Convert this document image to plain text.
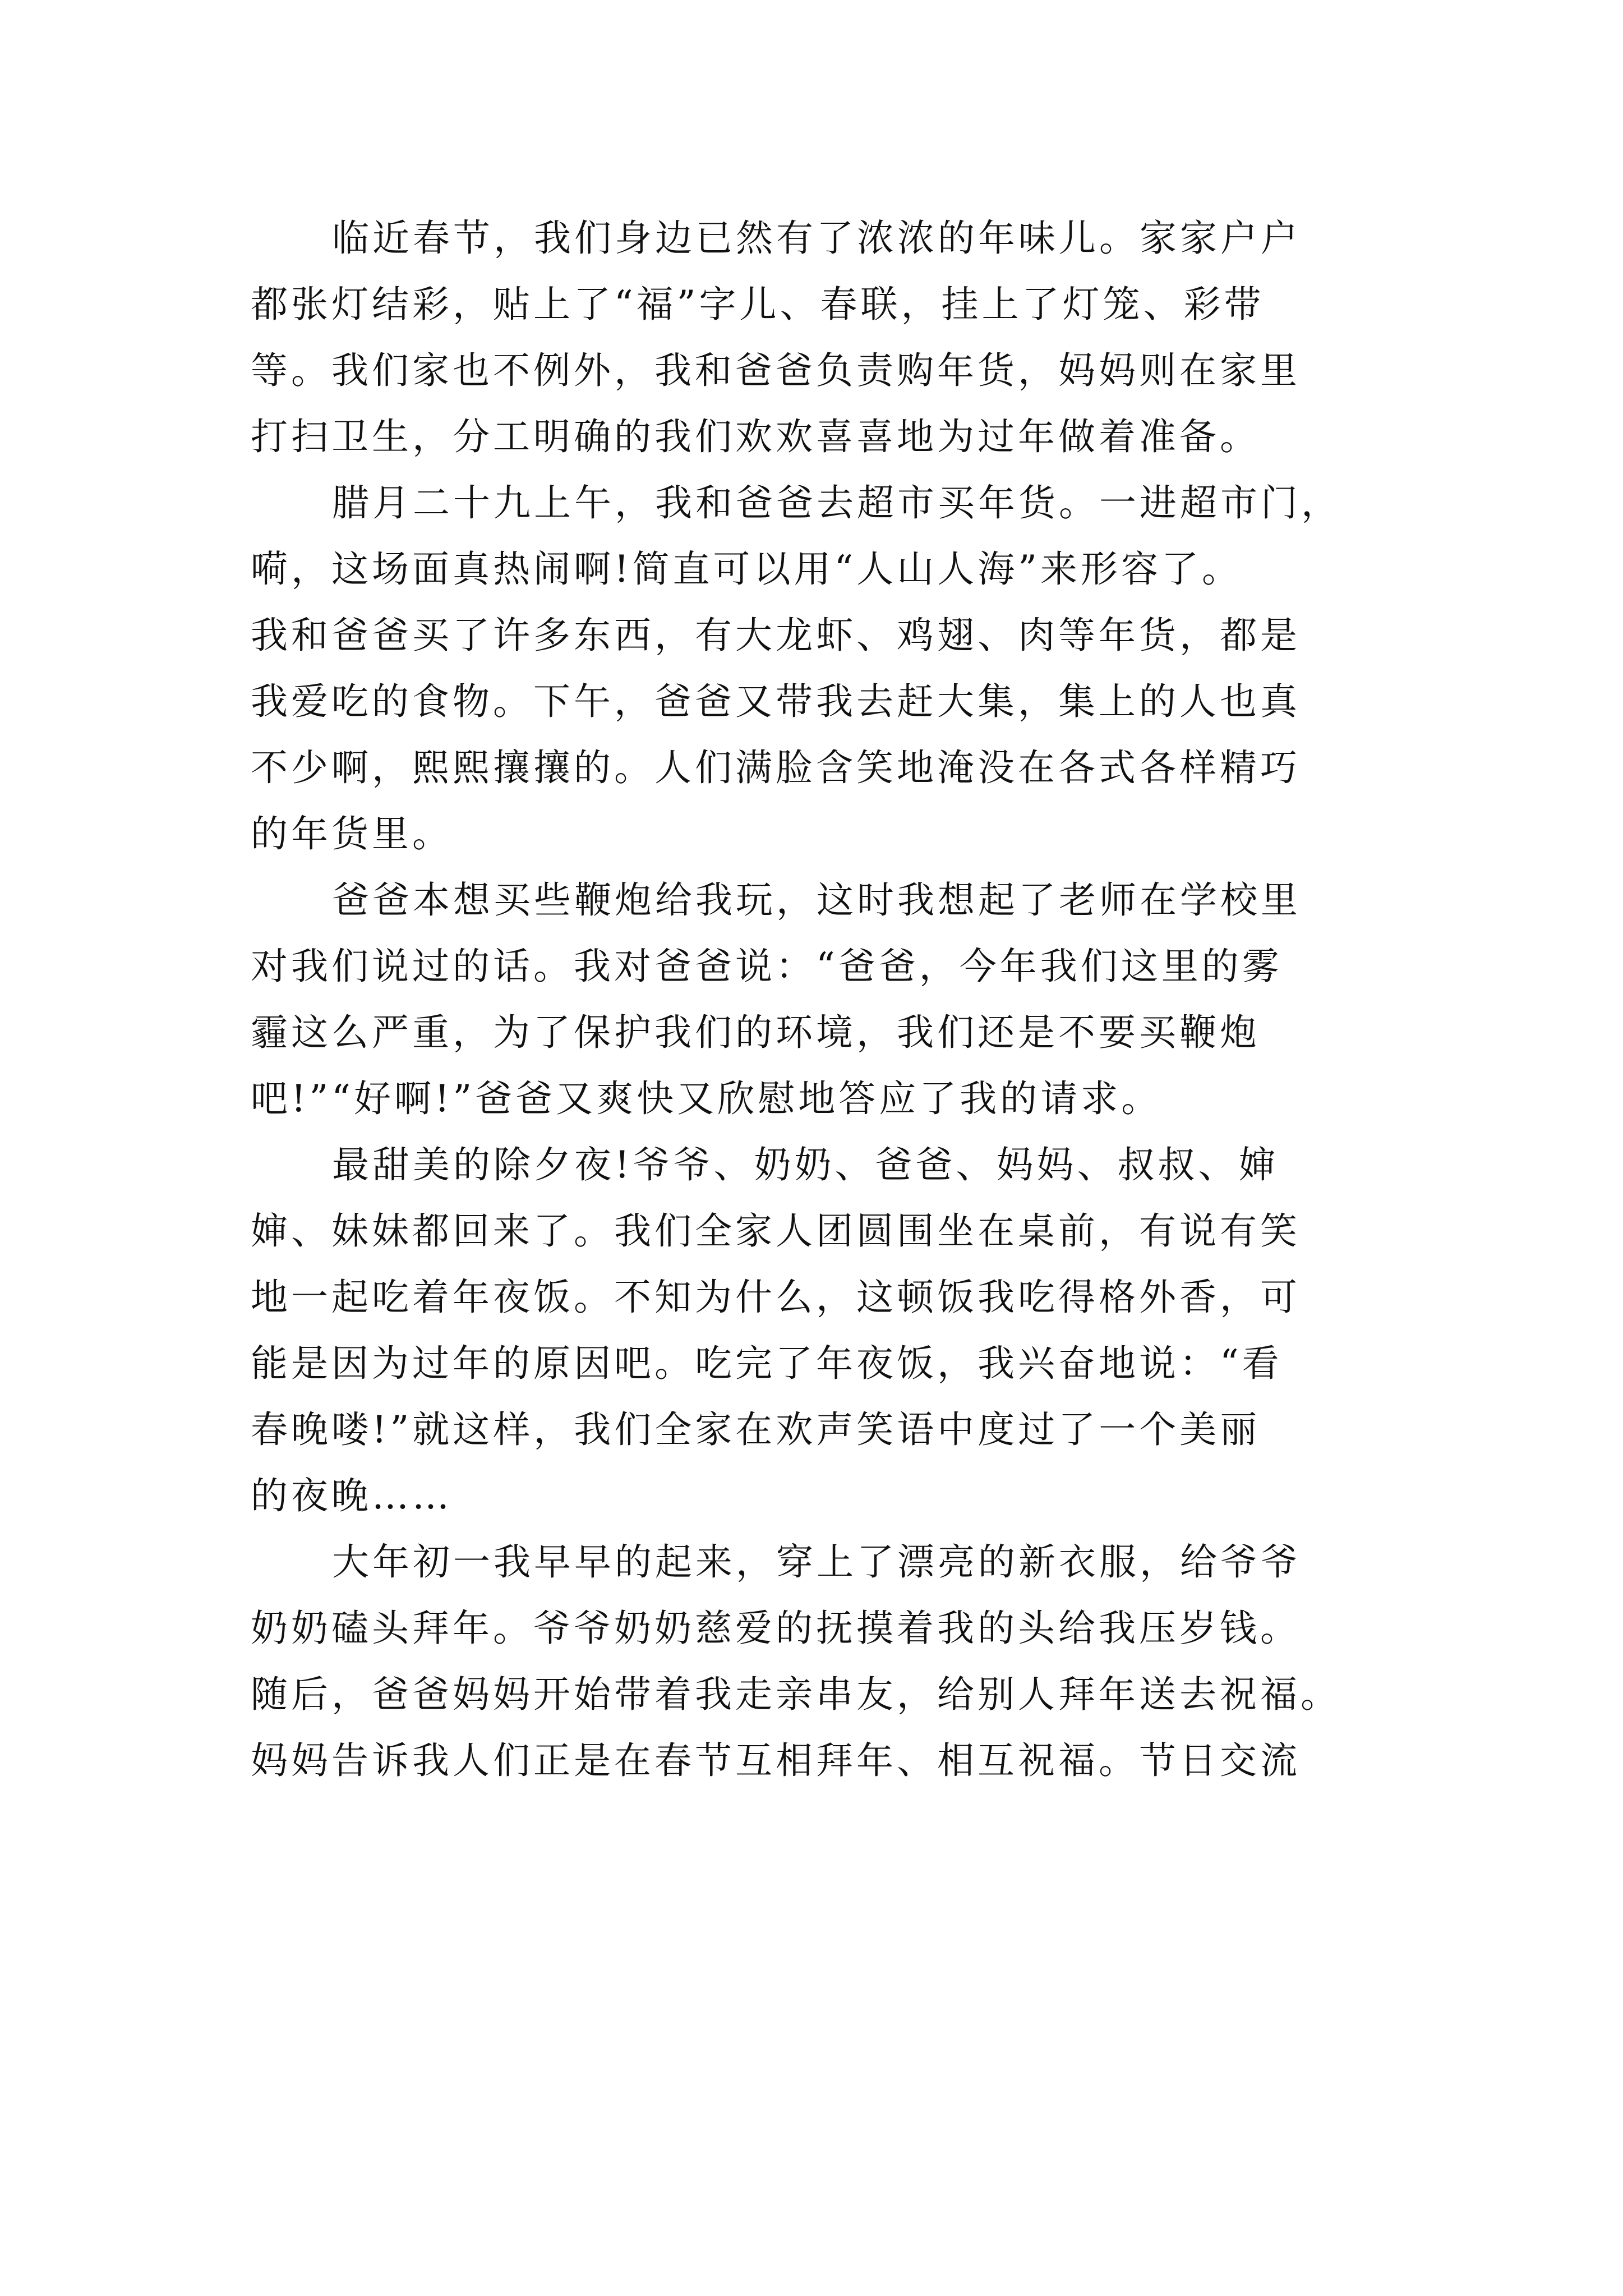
临近春节，我们身边已然有了浓浓的年味儿。家家户户
都张灯结彩，贴上了“福”字儿、春联，挂上了灯笼、彩带
等。我们家也不例外，我和爸爸负责购年货，妈妈则在家里
打扫卫生，分工明确的我们欢欢喜喜地为过年做着准备。
腊月二十九上午，我和爸爸去超市买年货。一进超市门，
嗬，这场面真热闹啊!简直可以用“人山人海”来形容了。
我和爸爸买了许多东西，有大龙虾、鸡翅、肉等年货，都是
我爱吃的食物。下午，爸爸又带我去赶大集，集上的人也真
不少啊，熙熙攘攘的。人们满脸含笑地淹没在各式各样精巧
的年货里。
爸爸本想买些鞭炮给我玩，这时我想起了老师在学校里
对我们说过的话。我对爸爸说：“爸爸，今年我们这里的雾
霾这么严重，为了保护我们的环境，我们还是不要买鞭炮
吧!”“好啊!”爸爸又爽快又欣慰地答应了我的请求。
最甜美的除夕夜!爷爷、奶奶、爸爸、妈妈、叔叔、婶
婶、妹妹都回来了。我们全家人团圆围坐在桌前，有说有笑
地一起吃着年夜饭。不知为什么，这顿饭我吃得格外香，可
能是因为过年的原因吧。吃完了年夜饭，我兴奋地说：“看
春晚喽!”就这样，我们全家在欢声笑语中度过了一个美丽
的夜晚……
大年初一我早早的起来，穿上了漂亮的新衣服，给爷爷
奶奶磕头拜年。爷爷奶奶慈爱的抚摸着我的头给我压岁钱。
随后，爸爸妈妈开始带着我走亲串友，给别人拜年送去祝福。
妈妈告诉我人们正是在春节互相拜年、相互祝福。节日交流
